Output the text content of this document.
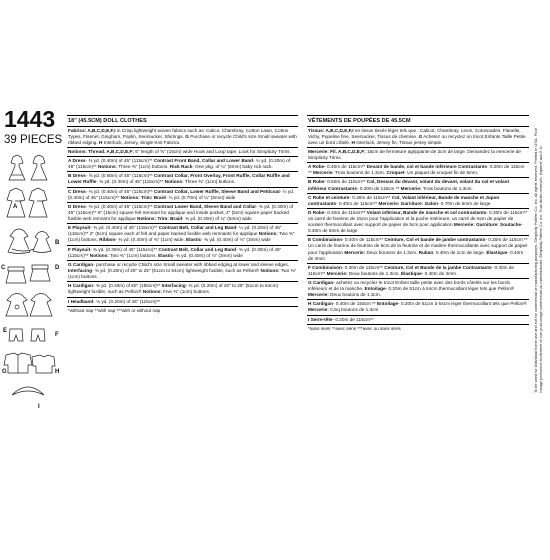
1443
39 PIECES
A
B
C	D
E
F
G	H
I
18" (45.5CM) DOLL CLOTHES
Fabrics: A,B,C,D,E,F,I in Crisp lightweight woven fabrics such as: Calico, Chambray, Cotton Lawn, Cotton Types, Flannel, Gingham, Poplin, Seersucker, Shirtings. G Purchase or recycle Child's size Small sweater with ribbed edging. H Interlock, Jersey, Single Knit Fabrics.
Notions: Thread. A,B,C,D,E,F; 6" length of ⅝" (15cm) wide Hook and Loop tape. Look for Simplicity Trims.
A Dress- ⅜ yd. (0.40m) of 45" (115cm)** Contrast Front Band, Collar and Lower Band- ¼ yd. (0.20m) of 45" (115cm)** Notions: Three ⅜" (1cm) buttons. Rick Rack- One pkg. of ¼" (6mm) baby rick rack.
B Dress- ⅝ yd. (0.60m) of 45" (115cm)** Contrast Collar, Front Overlay, Front Ruffle, Collar Ruffle and Lower Ruffle- ⅜ yd. (0.30m) of 45" (115cm)** Notions: Three ⅜" (1cm) buttons.
C Dress- ⅜ yd. (0.40m) of 45" (115cm)** Contrast Collar, Lower Ruffle, Sleeve Band and Petticoat- ½ yd. (0.40m) of 45" (115cm)** Notions: Trim: Braid- ¾ yd. (0.70m) of ¼" (6mm) wide
D Dress- ⅜ yd. (0.40m) of 45" (115cm)** Contrast Lower Band, Sleeve Band and Collar- ⅜ yd. (0.30m) of 45" (115cm)** 6" (15cm) square felt remnant for applique and inside pocket, 2" (5cm) square paper backed fusible web remnant for applique Notions: Trim: Braid- ⅜ yd. (0.40m) of ¼" (6mm) wide
E Playsuit- ⅜ yd. (0.40m) of 45" (115cm)** Contrast Belt, Collar and Leg Band- ¼ yd. (0.20m) of 45" (115cm)** 2" (5cm) square each of felt and paper backed fusible web remnants for applique Notions: Two ⅜" (1cm) buttons. Ribbon- ⅜ yd. (0.40m) of ⅜" (1cm) wide. Elastic- ⅜ yd. (0.40m) of ⅛" (3mm) wide
F Playsuit- ⅜ yd. (0.30m) of 45" (115cm)** Contrast Belt, Collar and Leg Band- ⅜ yd. (0.30m) of 45" (115cm)** Notions: Two ⅜" (1cm) buttons. Elastic- ⅜ yd. (0.40m) of ⅛" (3mm) wide
G Cardigan- purchase or recycle Child's size Small sweater with ribbed edging at lower and sleeve edges. Interfacing- ⅜ yd. (0.20m) of 20" to 25" (51cm to 64cm) lightweight fusible, such as Pellon® Notions: Two ⅜" (1cm) buttons.
H Cardigan- ⅜ yd. (0.40m) of 60" (150cm)** Interfacing- ⅜ yd. (0.20m) of 20" to 25" (51cm to 64cm) lightweight fusible, such as Pellon® Notions: Five ⅜" (1cm) buttons
I Headband- ⅛ yd. (0.20m) of 45" (115cm)**
*without nap **with nap ***with or without nap
VÊTEMENTS DE POUPÉES DE 45.5CM
Tissus: A,B,C,D,E,F,I en tissus tissés léger tels que : Calicot, Chambray, Linon, Cotonnades, Flanelle, Vichy, Popeline fine, Seersucker, Tissus de chemise. G Achetez ou recyclez un tricot Enfants Taille Petite avec un bord côtelé. H Interlock, Jersey fin, Tissus jersey simple.
Mercerie: Fil. A,B,C,D,E,F; 15cm de fermeture agrippante de 2cm de large. Demandez la mercerie de Simplicity Trims.
A Robe- 0.40m de 115cm** Devant de bande, col et bande inférieure Contrastants- 0.20m de 115cm ** Mercerie: Trois boutons de 1.3cm. Croquet- Un paquet de croquet fin de 6mm.
B Robe- 0.60m de 115cm** Col, Dessus du devant, volant du devant, volant du col et volant inférieur Contrastants- 0.30m de 115cm ** Mercerie: Trois boutons de 1.3cm.
C Robe et ceinture- 0.40m de 115cm** Col, Volant inférieur, Bande de manche et Jupon contrastants- 0.40m de 115cm** Mercerie: Garniture: Galon- 0.70m de 6mm de large.
D Robe- 0.40m de 115cm** Volant inférieur, Bande de manche et col contrastants- 0.30m de 115cm** un carré de feutrine de 15cm pour l'application et la poche intérieure, un carré de 5cm de papier de soutien thermocollant avec support de papier de 5cm pour application Mercerie: Garniture: Soutache- 0.40m de 6mm de large
E Combinaison- 0.40m de 115cm** Ceinture, Col et bande de jambe contrastants- 0.20m de 115cm ** Un carré de feutrine de feutrine de 5cm de la feutrine et de matière thermocollante avec support de papier pour l'application Mercerie: Deux boutons de 1.3cm. Ruban: 0.40m de 1cm de large. Élastique- 0.40m de 3mm
F Combinaison- 0.30m de 115cm** Ceinture, Col et Bande de la jambe Contrastants- 0.30m de 115cm** Mercerie: Deux boutons de 1.3cm. Élastique- 0.40m de 3mm.
G Cardigan- achetez ou recyclez le tricot Enfant taille petite avec des bords côtelés sur les bords inférieurs et de la manche. Entoilage- 0.20m de 51cm à 64cm thermocollant léger tels que Pellon® Mercerie: Deux boutons de 1.3cm.
H Cardigan- 0.40m de 150cm ** Entoilage- 0.20m de 51cm à 64cm léger thermocollant tels que Pellon® Mercerie: Cinq boutons de 1.3cm
I Serre-tête- 0.20m de 115cm**
*sans sens **avec sens ***avec ou sans sens	To be used for individual home use and not for commercial or manufacturing purposes. Simplicity Pattern Co. Inc. All rights reserved. Printed in USA. Pour l'usage personnel seulement et non pour usage commercial ou manufacturier. Simplicity Pattern Co. Inc. Tous droits réservés. Imprimé aux E.U.
